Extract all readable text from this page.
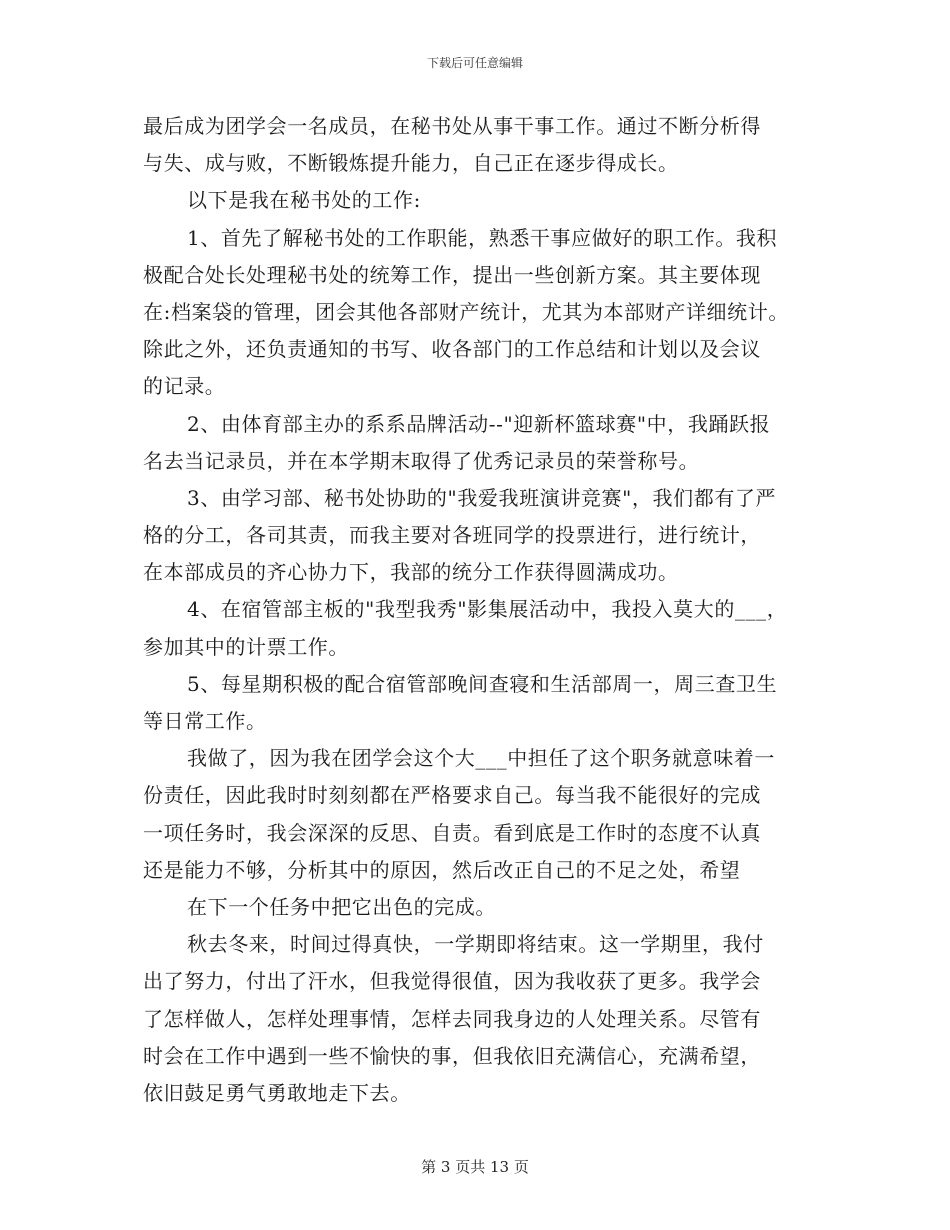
下载后可任意编辑
最后成为团学会一名成员，在秘书处从事干事工作。通过不断分析得
与失、成与败，不断锻炼提升能力，自己正在逐步得成长。
以下是我在秘书处的工作:
1、首先了解秘书处的工作职能，熟悉干事应做好的职工作。我积
极配合处长处理秘书处的统筹工作，提出一些创新方案。其主要体现
在:档案袋的管理，团会其他各部财产统计，尤其为本部财产详细统计。
除此之外，还负责通知的书写、收各部门的工作总结和计划以及会议
的记录。
2、由体育部主办的系系品牌活动--"迎新杯篮球赛"中，我踊跃报
名去当记录员，并在本学期末取得了优秀记录员的荣誉称号。
3、由学习部、秘书处协助的"我爱我班演讲竞赛"，我们都有了严
格的分工，各司其责，而我主要对各班同学的投票进行，进行统计，
在本部成员的齐心协力下，我部的统分工作获得圆满成功。
4、在宿管部主板的"我型我秀"影集展活动中，我投入莫大的___，
参加其中的计票工作。
5、每星期积极的配合宿管部晚间查寝和生活部周一，周三查卫生
等日常工作。
我做了，因为我在团学会这个大___中担任了这个职务就意味着一
份责任，因此我时时刻刻都在严格要求自己。每当我不能很好的完成
一项任务时，我会深深的反思、自责。看到底是工作时的态度不认真
还是能力不够，分析其中的原因，然后改正自己的不足之处，希望
在下一个任务中把它出色的完成。
秋去冬来，时间过得真快，一学期即将结束。这一学期里，我付
出了努力，付出了汗水，但我觉得很值，因为我收获了更多。我学会
了怎样做人，怎样处理事情，怎样去同我身边的人处理关系。尽管有
时会在工作中遇到一些不愉快的事，但我依旧充满信心，充满希望，
依旧鼓足勇气勇敢地走下去。
第 3 页共 13 页
